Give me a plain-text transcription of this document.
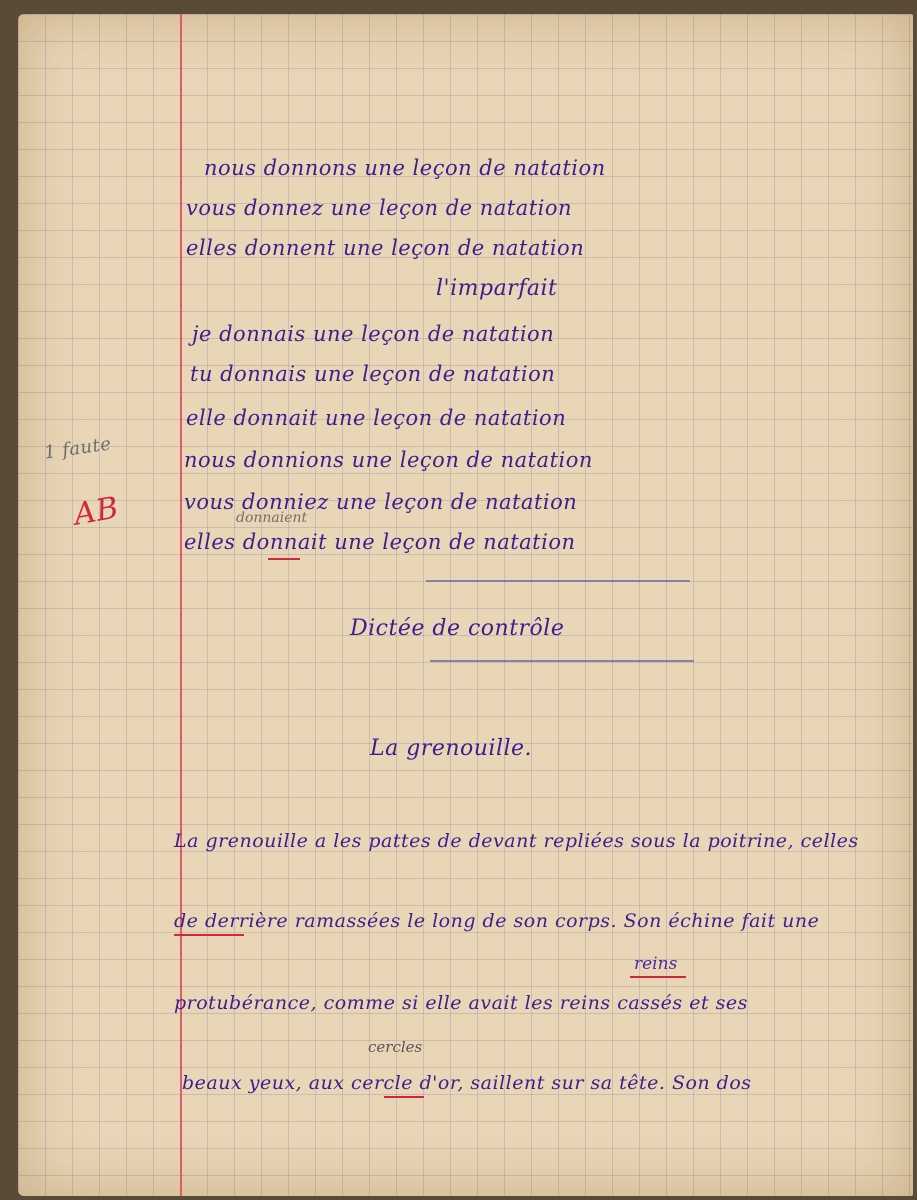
nous donnons une leçon de natation
vous donnez une leçon de natation
elles donnent une leçon de natation
l'imparfait
je donnais une leçon de natation
tu donnais une leçon de natation
elle donnait une leçon de natation
nous donnions une leçon de natation
vous donniez une leçon de natation
donnaient
elles donnait une leçon de natation
1 faute
AB
Dictée de contrôle
La grenouille.
La grenouille a les pattes de devant repliées sous la poitrine, celles
de derrière ramassées le long de son corps. Son échine fait une
reins
protubérance, comme si elle avait les reins cassés et ses
cercles
beaux yeux, aux cercle d'or, saillent sur sa tête. Son dos
